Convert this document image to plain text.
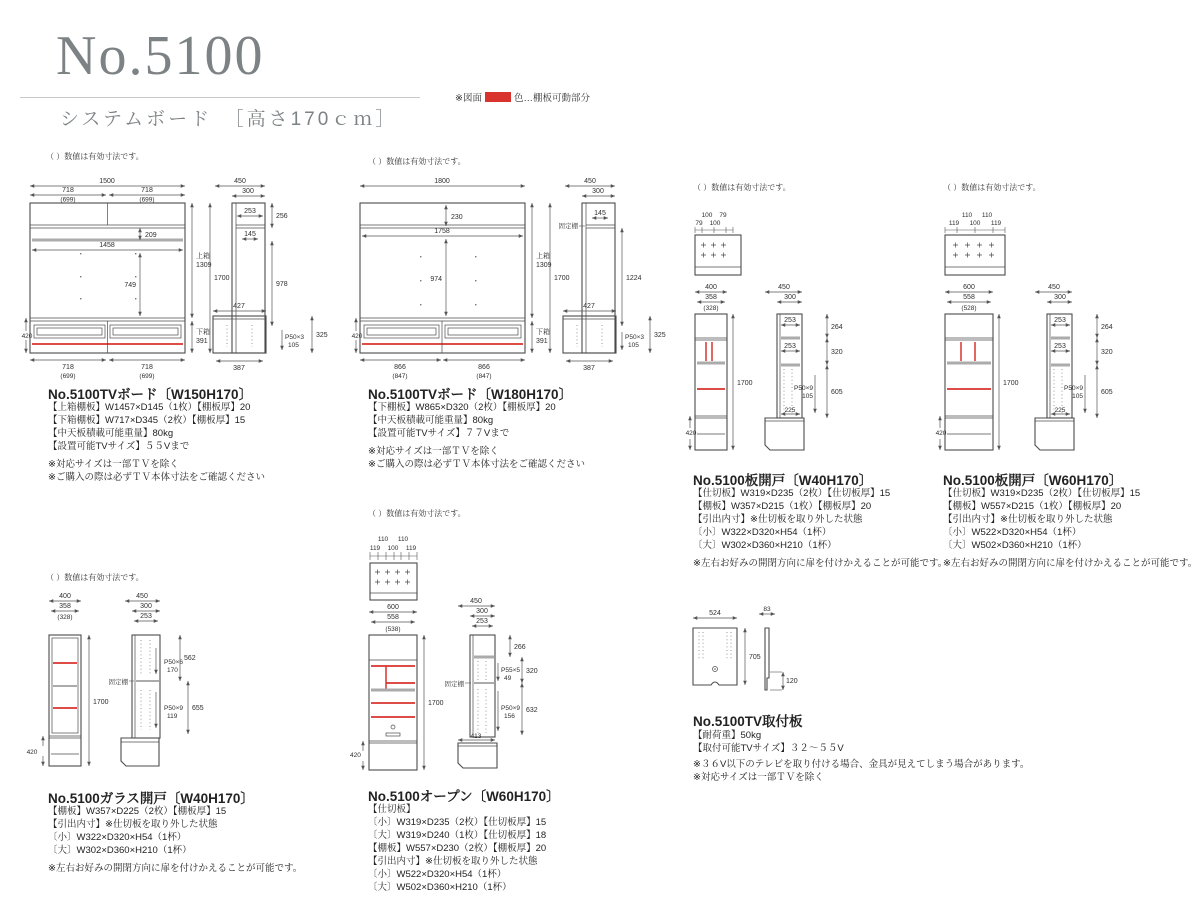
No.5100
システムボード　［高さ170ｃｍ］
※図面	色…棚板可動部分
（ ）数値は有効寸法です。
（ ）数値は有効寸法です。
（ ）数値は有効寸法です。	（ ）数値は有効寸法です。
（ ）数値は有効寸法です。
（ ）数値は有効寸法です。
1500
718
(699)
718
(699)
209
1458
749
上箱
1309
1700
下箱
391
718
(699)
718
(699)
420
450
300
253
256
145
978
427
387
P50×3
105
325
1800
230
1758
974
上箱
1309
1700
下箱
391
866
(847)
866
(847)
420
450
300
145
固定棚
1224
427
387
P50×3
105
325
100 79
79 100
400
358
(328)
1700
420
450
300
253
253
264
320
605
P50×9
105
225
110 110
119 100 119
600
558
(528)
1700
420
450
300
253
253
264
320
605
P50×9
105
225
400
358
(328)
1700
420
450
300
253
P50×6
170
562
固定棚
P50×9
119
655
110 110
119 100 119
600
558
(538)
1700
420
450
300
253
266
P55×5
49
320
固定棚
P50×9
156
632
413
524
705
83
120
No.5100TVボード〔W150H170〕
【上箱棚板】W1457×D145（1枚）【棚板厚】20
【下箱棚板】W717×D345（2枚）【棚板厚】15
【中天板積載可能重量】80kg
【設置可能TVサイズ】５５Vまで
※対応サイズは一部ＴＶを除く
※ご購入の際は必ずＴＶ本体寸法をご確認ください
No.5100TVボード〔W180H170〕
【下棚板】W865×D320（2枚）【棚板厚】20
【中天板積載可能重量】80kg
【設置可能TVサイズ】７７Vまで
※対応サイズは一部ＴＶを除く
※ご購入の際は必ずＴＶ本体寸法をご確認ください
No.5100板開戸〔W40H170〕
【仕切板】W319×D235（2枚）【仕切板厚】15
【棚板】W357×D215（1枚）【棚板厚】20
【引出内寸】※仕切板を取り外した状態
〔小〕W322×D320×H54（1杯）
〔大〕W302×D360×H210（1杯）
※左右お好みの開閉方向に扉を付けかえることが可能です。
No.5100板開戸〔W60H170〕
【仕切板】W319×D235（2枚）【仕切板厚】15
【棚板】W557×D215（1枚）【棚板厚】20
【引出内寸】※仕切板を取り外した状態
〔小〕W522×D320×H54（1杯）
〔大〕W502×D360×H210（1杯）
※左右お好みの開閉方向に扉を付けかえることが可能です。
No.5100ガラス開戸〔W40H170〕
【棚板】W357×D225（2枚）【棚板厚】15
【引出内寸】※仕切板を取り外した状態
〔小〕W322×D320×H54（1杯）
〔大〕W302×D360×H210（1杯）
※左右お好みの開閉方向に扉を付けかえることが可能です。
No.5100オープン〔W60H170〕
【仕切板】
〔小〕W319×D235（2枚）【仕切板厚】15
〔大〕W319×D240（1枚）【仕切板厚】18
【棚板】W557×D230（2枚）【棚板厚】20
【引出内寸】※仕切板を取り外した状態
〔小〕W522×D320×H54（1杯）
〔大〕W502×D360×H210（1杯）
No.5100TV取付板
【耐荷重】50kg
【取付可能TVサイズ】３２～５５V
※３６V以下のテレビを取り付ける場合、金具が見えてしまう場合があります。
※対応サイズは一部ＴＶを除く
